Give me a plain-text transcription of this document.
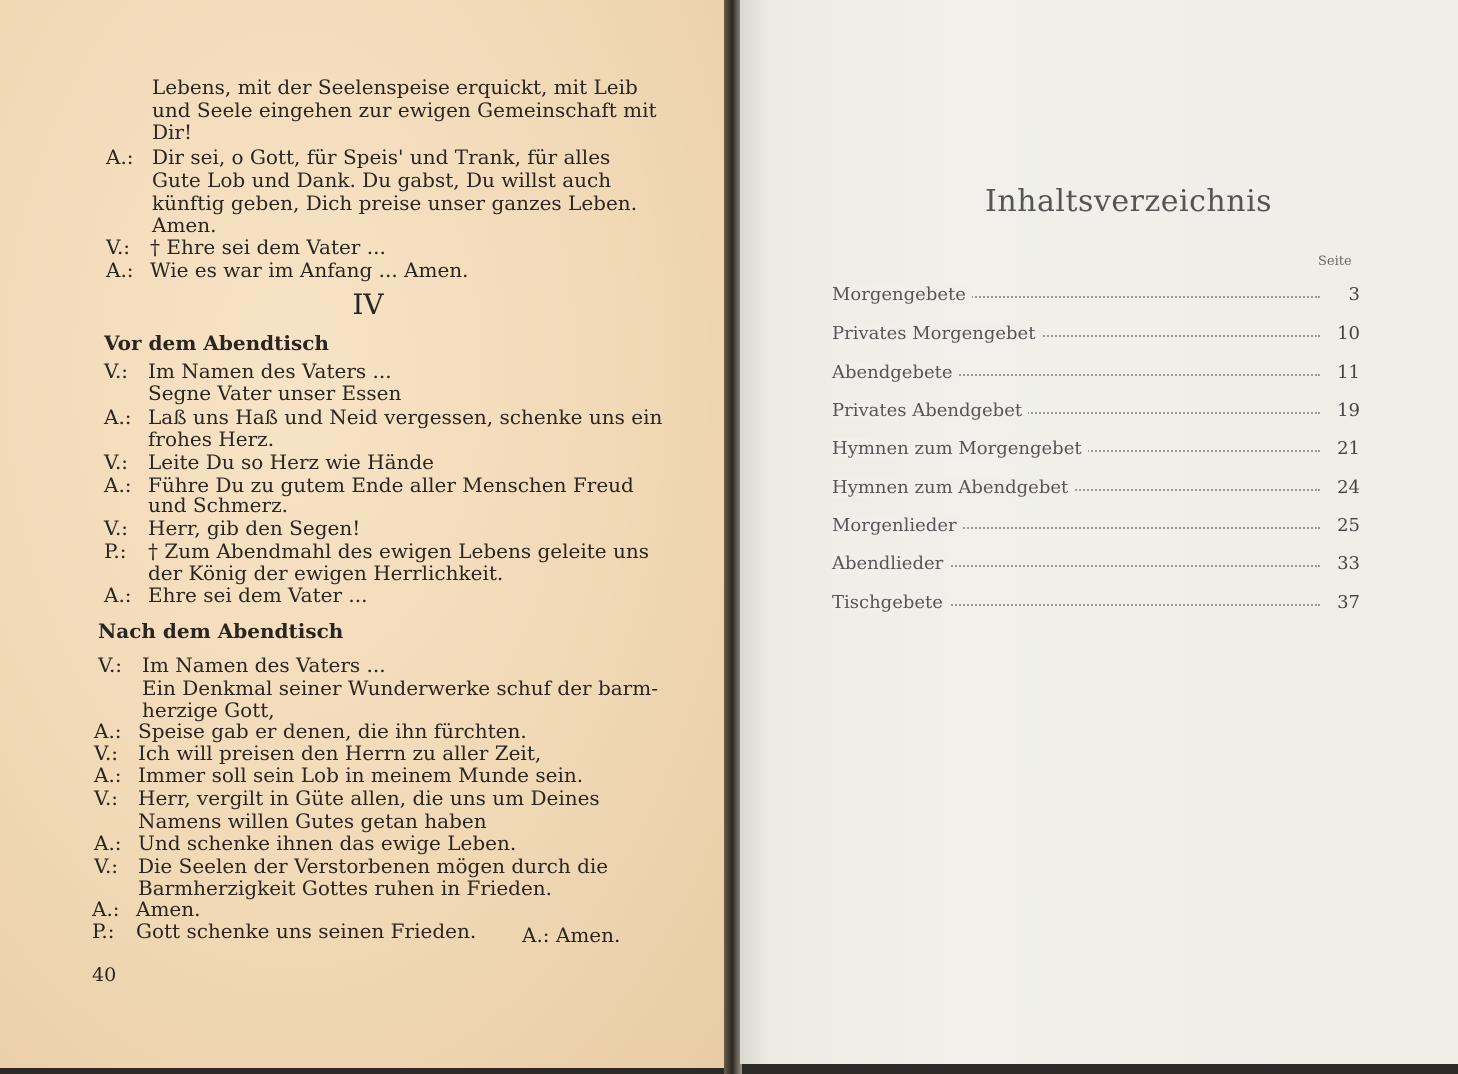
Lebens, mit der Seelenspeise erquickt, mit Leib
und Seele eingehen zur ewigen Gemeinschaft mit
Dir!
A.: Dir sei, o Gott, für Speis' und Trank, für alles
Gute Lob und Dank. Du gabst, Du willst auch
künftig geben, Dich preise unser ganzes Leben.
Amen.
V.: † Ehre sei dem Vater ...
A.: Wie es war im Anfang ... Amen.
IV
Vor dem Abendtisch
V.: Im Namen des Vaters ...
Segne Vater unser Essen
A.: Laß uns Haß und Neid vergessen, schenke uns ein
frohes Herz.
V.: Leite Du so Herz wie Hände
A.: Führe Du zu gutem Ende aller Menschen Freud
und Schmerz.
V.: Herr, gib den Segen!
P.: † Zum Abendmahl des ewigen Lebens geleite uns
der König der ewigen Herrlichkeit.
A.: Ehre sei dem Vater ...
Nach dem Abendtisch
V.: Im Namen des Vaters ...
Ein Denkmal seiner Wunderwerke schuf der barm-
herzige Gott,
A.: Speise gab er denen, die ihn fürchten.
V.: Ich will preisen den Herrn zu aller Zeit,
A.: Immer soll sein Lob in meinem Munde sein.
V.: Herr, vergilt in Güte allen, die uns um Deines
Namens willen Gutes getan haben
A.: Und schenke ihnen das ewige Leben.
V.: Die Seelen der Verstorbenen mögen durch die
Barmherzigkeit Gottes ruhen in Frieden.
A.: Amen.
P.: Gott schenke uns seinen Frieden. A.: Amen.
40
Inhaltsverzeichnis
Seite
Morgengebete	3
Privates Morgengebet	10
Abendgebete	11
Privates Abendgebet	19
Hymnen zum Morgengebet	21
Hymnen zum Abendgebet	24
Morgenlieder	25
Abendlieder	33
Tischgebete	37
